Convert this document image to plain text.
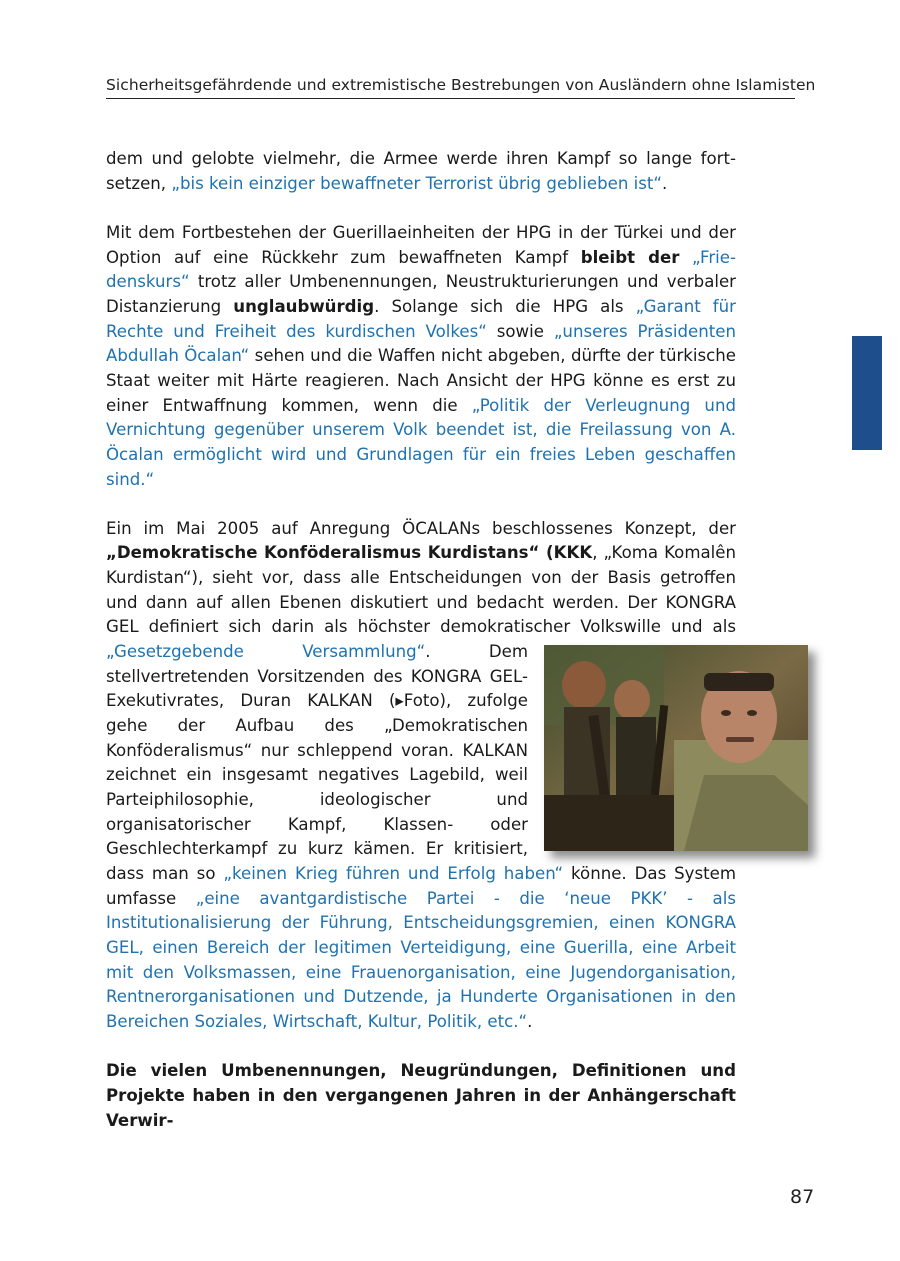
Sicherheitsgefährdende und extremistische Bestrebungen von Ausländern ohne Islamisten

dem und gelobte vielmehr, die Armee werde ihren Kampf so lange fortsetzen, „bis kein einziger bewaffneter Terrorist übrig geblieben ist“.

Mit dem Fortbestehen der Guerillaeinheiten der HPG in der Türkei und der Option auf eine Rückkehr zum bewaffneten Kampf bleibt der „Friedenskurs“ trotz aller Umbenennungen, Neustrukturierungen und verbaler Distanzierung unglaubwürdig. Solange sich die HPG als „Garant für Rechte und Freiheit des kurdischen Volkes“ sowie „unseres Präsidenten Abdullah Öcalan“ sehen und die Waffen nicht abgeben, dürfte der türkische Staat weiter mit Härte reagieren. Nach Ansicht der HPG könne es erst zu einer Entwaffnung kommen, wenn die „Politik der Verleugnung und Vernichtung gegenüber unserem Volk beendet ist, die Freilassung von A. Öcalan ermöglicht wird und Grundlagen für ein freies Leben geschaffen sind.“

Ein im Mai 2005 auf Anregung ÖCALANs beschlossenes Konzept, der „Demokratische Konföderalismus Kurdistans“ (KKK, „Koma Komalên Kurdistan“), sieht vor, dass alle Entscheidungen von der Basis getroffen und dann auf allen Ebenen diskutiert und bedacht werden. Der KONGRA GEL definiert sich darin als höchster demokratischer Volkswille und als
„Gesetzgebende Versammlung“. Dem stellvertretenden Vorsitzenden des KONGRA GEL-Exekutivrates, Duran KALKAN (▸Foto), zufolge gehe der Aufbau des „Demokratischen Konföderalismus“ nur schleppend voran. KALKAN zeichnet ein insgesamt negatives Lagebild, weil Parteiphilosophie, ideologischer und organisatorischer Kampf, Klassen- oder Geschlechterkampf zu kurz kämen. Er kritisiert, dass man so „keinen Krieg führen und Erfolg haben“ könne. Das System umfasse „eine avantgardistische Partei - die ‘neue PKK’ - als Institutionalisierung der Führung, Entscheidungsgremien, einen KONGRA GEL, einen Bereich der legitimen Verteidigung, eine Guerilla, eine Arbeit mit den Volksmassen, eine Frauenorganisation, eine Jugendorganisation, Rentnerorganisationen und Dutzende, ja Hunderte Organisationen in den Bereichen Soziales, Wirtschaft, Kultur, Politik, etc.“.

Die vielen Umbenennungen, Neugründungen, Definitionen und Projekte haben in den vergangenen Jahren in der Anhängerschaft Verwir-

87
